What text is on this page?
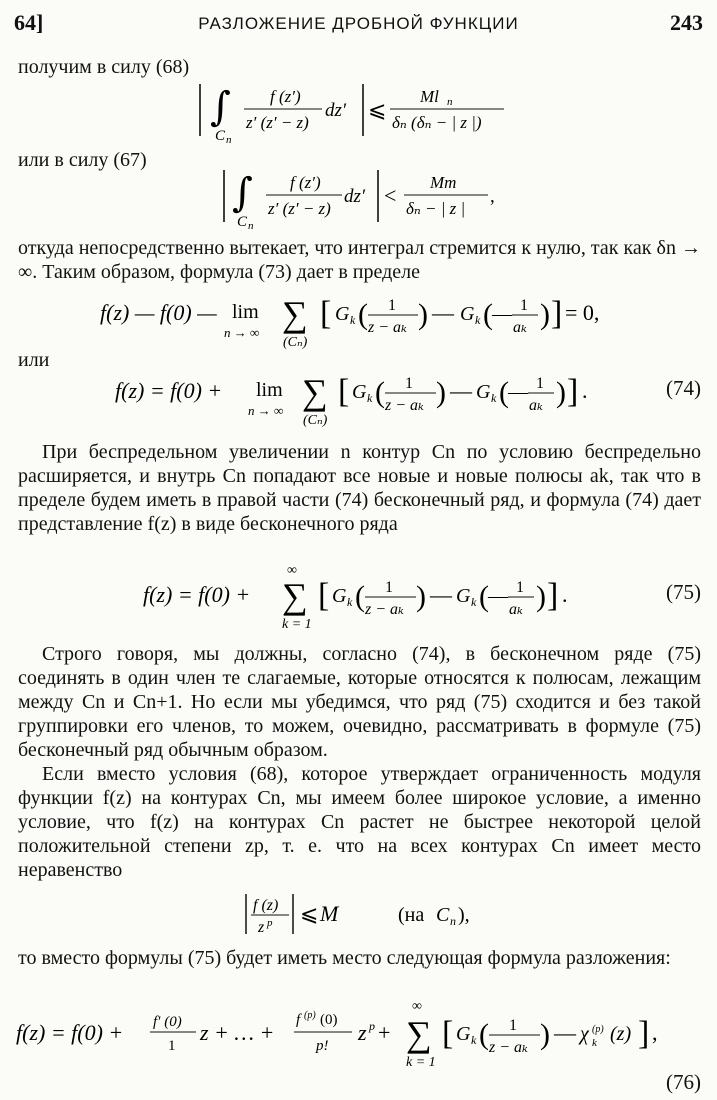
64]	РАЗЛОЖЕНИЕ ДРОБНОЙ ФУНКЦИИ	243
получим в силу (68)
∫
C n
f (z′)
z′ (z′ − z)
dz′ ⩽
Ml n
δₙ (δₙ − | z |)
или в силу (67)
∫
C n
f (z′)
z′ (z′ − z)
dz′ <
Mm
δₙ − | z |
,
откуда непосредственно вытекает, что интеграл стремится к нулю, так как δn → ∞. Таким образом, формула (73) дает в пределе
f(z) — f(0) — lim
n → ∞ ∑
(Cₙ)
[ G k ( 1
z − aₖ ) — G k ( — 1
aₖ ) ] = 0,
или
f(z) = f(0) + lim
n → ∞ ∑
(Cₙ)
[ G k ( 1
z − aₖ ) — G k ( — 1
aₖ ) ] .	(74)
При беспредельном увеличении n контур Cn по условию беспредельно расширяется, и внутрь Cn попадают все новые и новые полюсы ak, так что в пределе будем иметь в правой части (74) бесконечный ряд, и формула (74) дает представление f(z) в виде бесконечного ряда
f(z) = f(0) +
∞
∑
k = 1
[ G k ( 1
z − aₖ ) — G k ( — 1
aₖ ) ] .	(75)
Строго говоря, мы должны, согласно (74), в бесконечном ряде (75) соединять в один член те слагаемые, которые относятся к полюсам, лежащим между Cn и Cn+1. Но если мы убедимся, что ряд (75) сходится и без такой группировки его членов, то можем, очевидно, рассматривать в формуле (75) бесконечный ряд обычным образом.
Если вместо условия (68), которое утверждает ограниченность модуля функции f(z) на контурах Cn, мы имеем более широкое условие, а именно условие, что f(z) на контурах Cn растет не быстрее некоторой целой положительной степени zp, т. е. что на всех контурах Cn имеет место неравенство
f (z)
z p ⩽ M	(на C n ),
то вместо формулы (75) будет иметь место следующая формула разложения:
f(z) = f(0) + f′ (0)
1
z + … + f (p) (0)
p!
z p +
∞
∑
k = 1
[ G k ( 1
z − aₖ ) — χ (p)
k (z) ] ,
(76)
